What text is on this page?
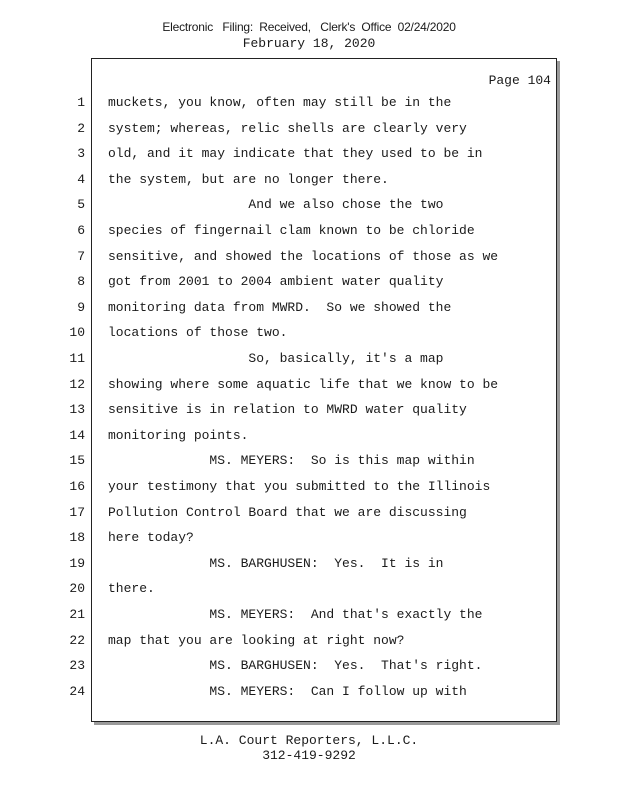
Electronic   Filing:  Received,   Clerk's  Office  02/24/2020
February 18, 2020
Page 104
1 muckets, you know, often may still be in the
2 system; whereas, relic shells are clearly very
3 old, and it may indicate that they used to be in
4 the system, but are no longer there.
5 And we also chose the two
6 species of fingernail clam known to be chloride
7 sensitive, and showed the locations of those as we
8 got from 2001 to 2004 ambient water quality
9 monitoring data from MWRD.  So we showed the
10 locations of those two.
11 So, basically, it's a map
12 showing where some aquatic life that we know to be
13 sensitive is in relation to MWRD water quality
14 monitoring points.
15 MS. MEYERS:  So is this map within
16 your testimony that you submitted to the Illinois
17 Pollution Control Board that we are discussing
18 here today?
19 MS. BARGHUSEN:  Yes.  It is in
20 there.
21 MS. MEYERS:  And that's exactly the
22 map that you are looking at right now?
23 MS. BARGHUSEN:  Yes.  That's right.
24 MS. MEYERS:  Can I follow up with
L.A. Court Reporters, L.L.C.
312-419-9292
